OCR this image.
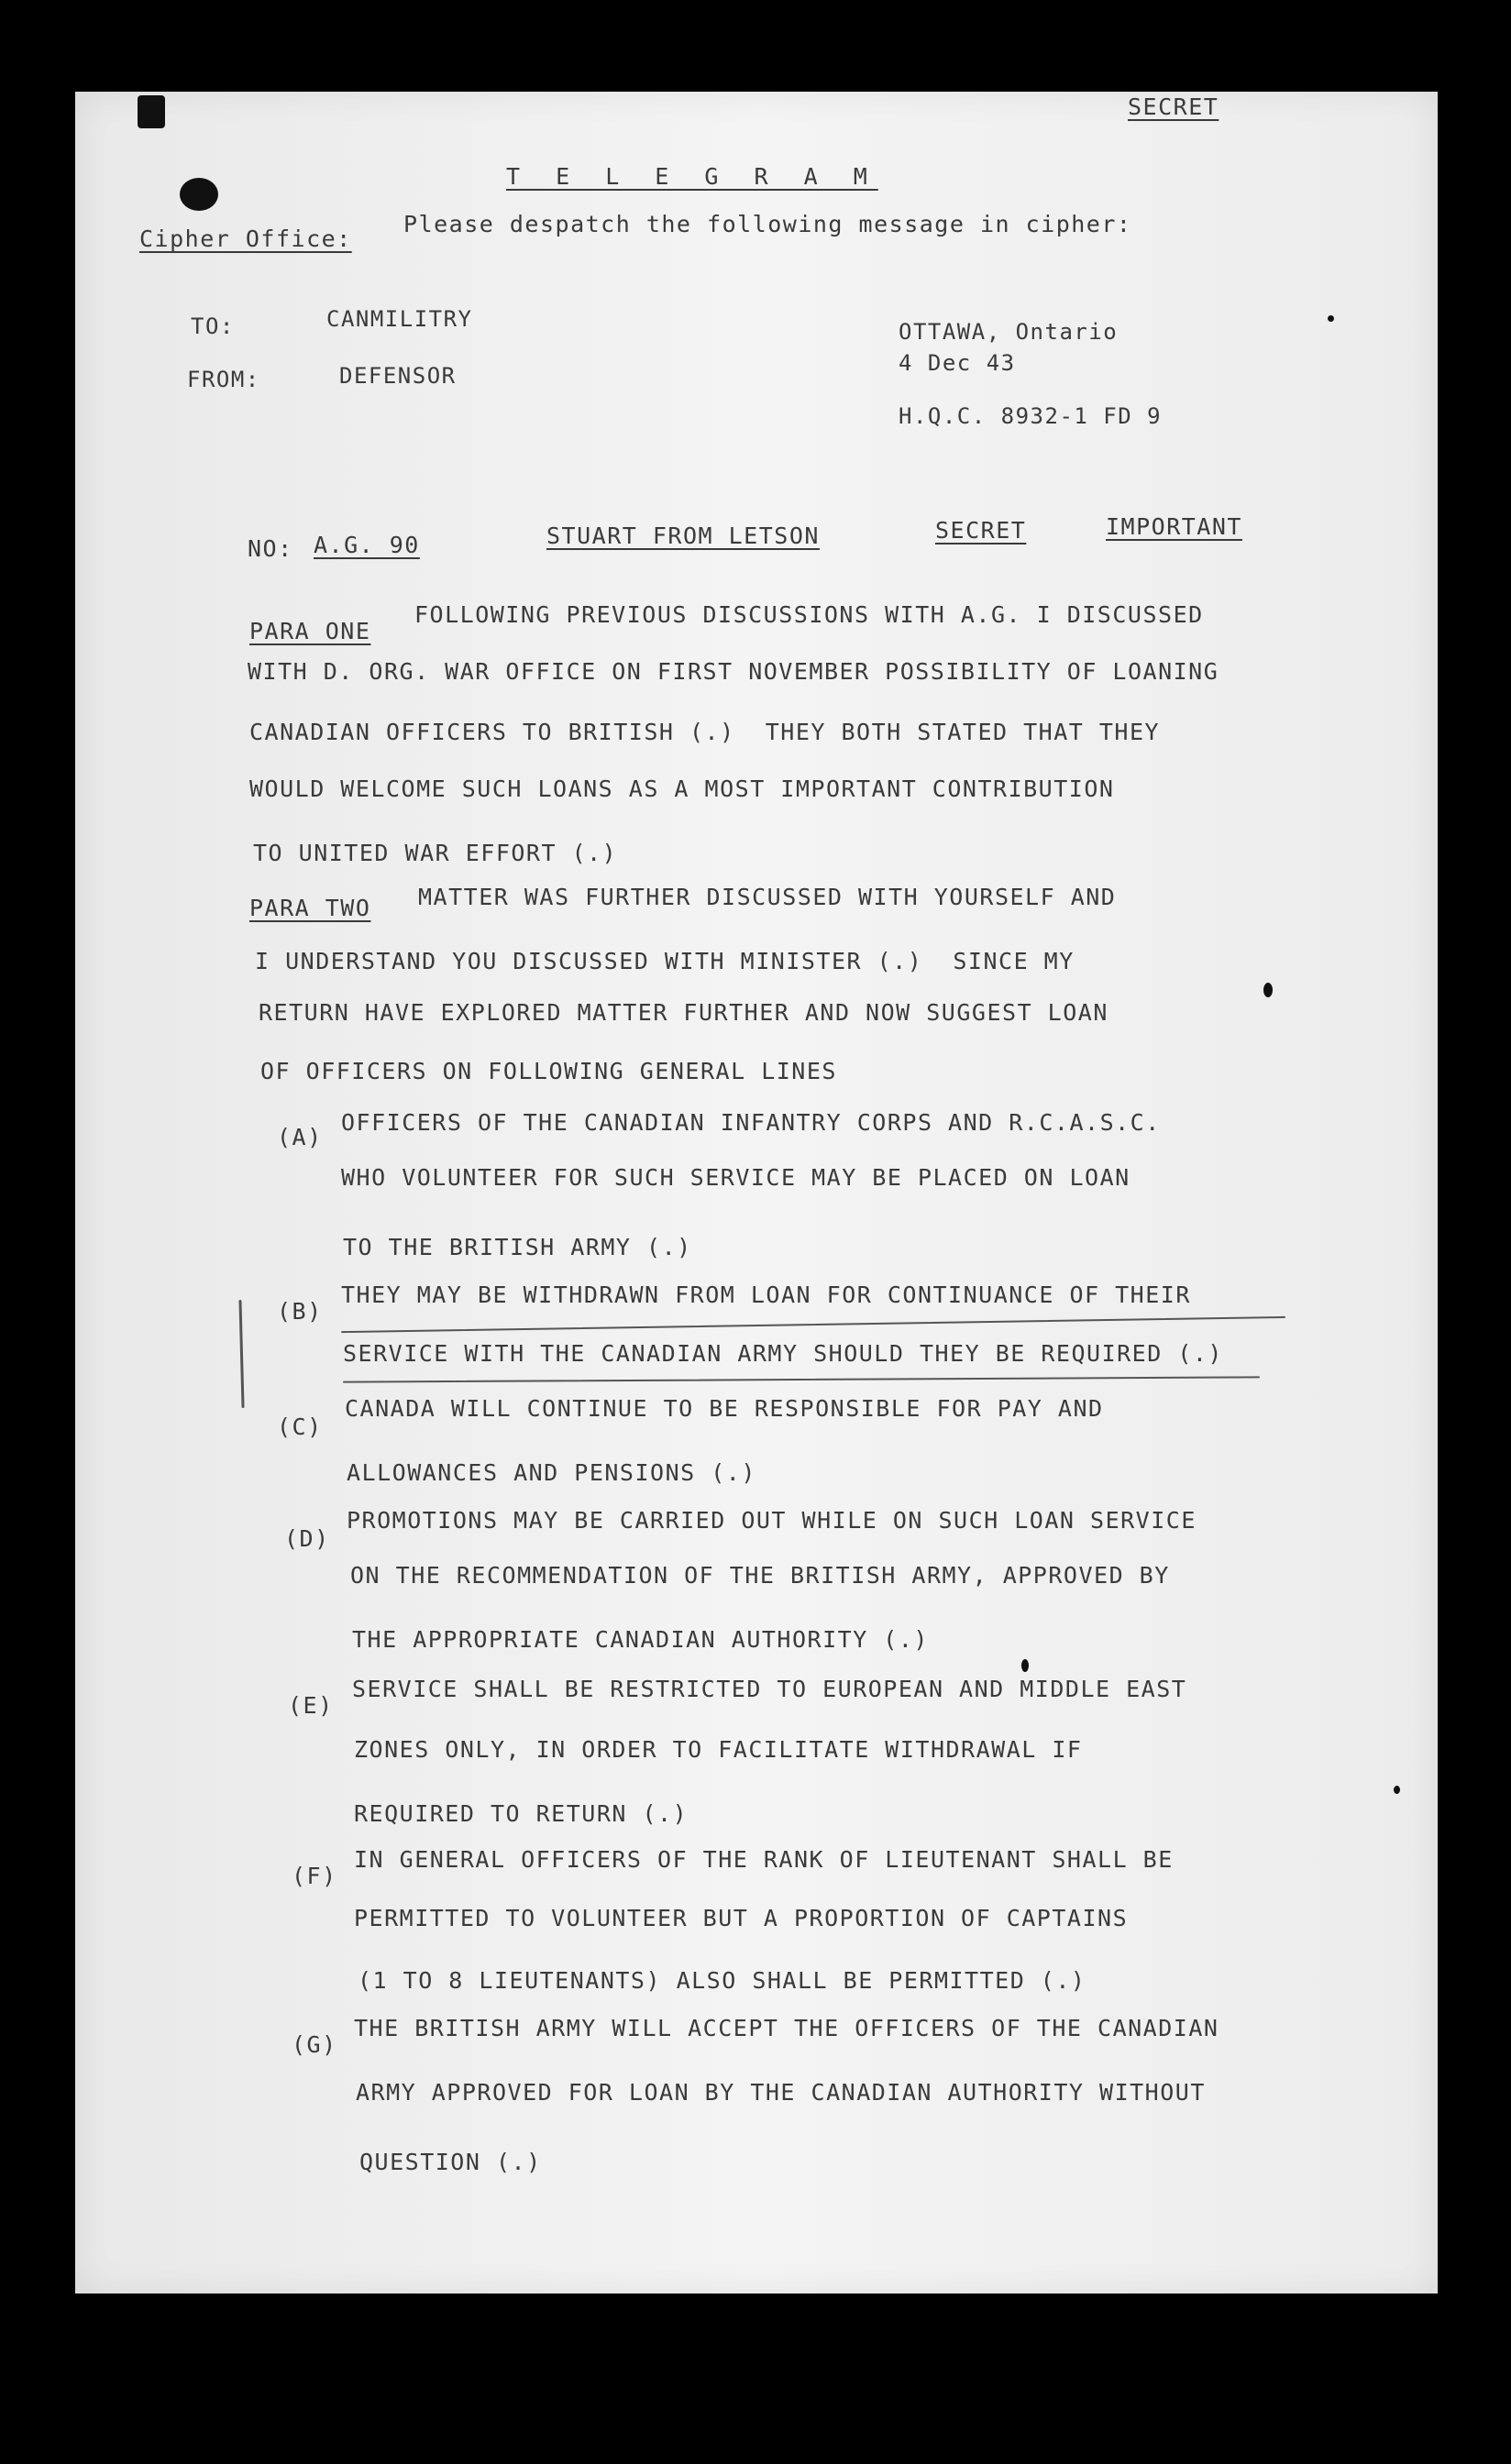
SECRET
T E L E G R A M
Cipher Office:
Please despatch the following message in cipher:
TO:	CANMILITRY
FROM:	DEFENSOR
OTTAWA, Ontario
4 Dec 43
H.Q.C. 8932-1 FD 9
NO: A.G. 90	STUART FROM LETSON	SECRET	IMPORTANT
PARA ONE
FOLLOWING PREVIOUS DISCUSSIONS WITH A.G. I DISCUSSED
WITH D. ORG. WAR OFFICE ON FIRST NOVEMBER POSSIBILITY OF LOANING
CANADIAN OFFICERS TO BRITISH (.)  THEY BOTH STATED THAT THEY
WOULD WELCOME SUCH LOANS AS A MOST IMPORTANT CONTRIBUTION
TO UNITED WAR EFFORT (.)
PARA TWO MATTER WAS FURTHER DISCUSSED WITH YOURSELF AND
I UNDERSTAND YOU DISCUSSED WITH MINISTER (.)  SINCE MY
RETURN HAVE EXPLORED MATTER FURTHER AND NOW SUGGEST LOAN
OF OFFICERS ON FOLLOWING GENERAL LINES
(A)
OFFICERS OF THE CANADIAN INFANTRY CORPS AND R.C.A.S.C.
WHO VOLUNTEER FOR SUCH SERVICE MAY BE PLACED ON LOAN
TO THE BRITISH ARMY (.)
(B)
THEY MAY BE WITHDRAWN FROM LOAN FOR CONTINUANCE OF THEIR
SERVICE WITH THE CANADIAN ARMY SHOULD THEY BE REQUIRED (.)
(C)
CANADA WILL CONTINUE TO BE RESPONSIBLE FOR PAY AND
ALLOWANCES AND PENSIONS (.)
(D)
PROMOTIONS MAY BE CARRIED OUT WHILE ON SUCH LOAN SERVICE
ON THE RECOMMENDATION OF THE BRITISH ARMY, APPROVED BY
THE APPROPRIATE CANADIAN AUTHORITY (.)
(E)
SERVICE SHALL BE RESTRICTED TO EUROPEAN AND MIDDLE EAST
ZONES ONLY, IN ORDER TO FACILITATE WITHDRAWAL IF
REQUIRED TO RETURN (.)
(F)
IN GENERAL OFFICERS OF THE RANK OF LIEUTENANT SHALL BE
PERMITTED TO VOLUNTEER BUT A PROPORTION OF CAPTAINS
(1 TO 8 LIEUTENANTS) ALSO SHALL BE PERMITTED (.)
(G)
THE BRITISH ARMY WILL ACCEPT THE OFFICERS OF THE CANADIAN
ARMY APPROVED FOR LOAN BY THE CANADIAN AUTHORITY WITHOUT
QUESTION (.)
